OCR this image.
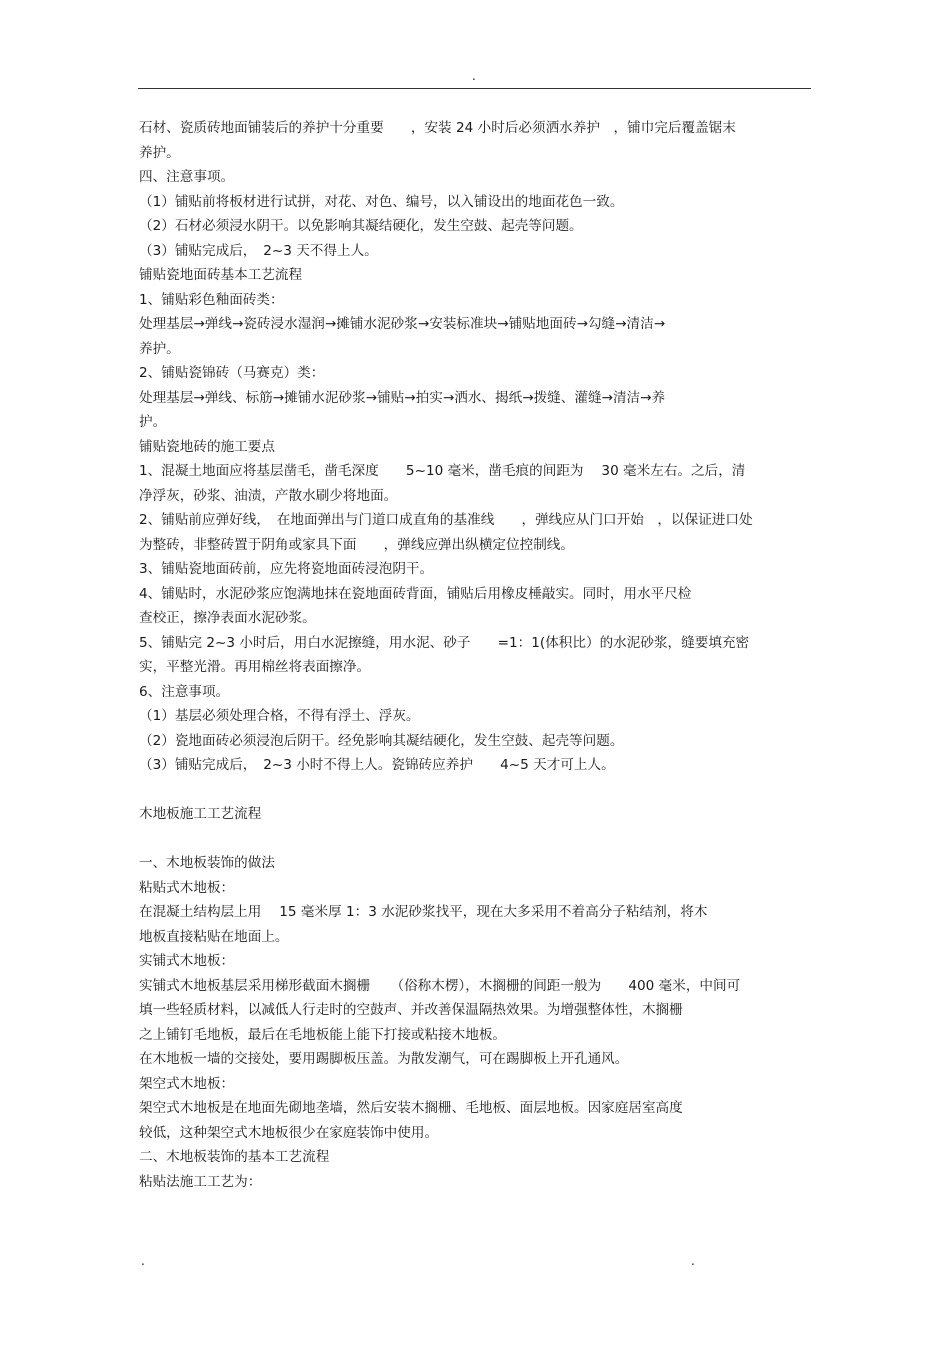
.
石材、瓷质砖地面铺装后的养护十分重要　　，安装 24 小时后必须洒水养护　，铺巾完后覆盖锯末
养护。
四、注意事项。
（1）铺贴前将板材进行试拼，对花、对色、编号，以入铺设出的地面花色一致。
（2）石材必须浸水阴干。以免影响其凝结硬化，发生空鼓、起壳等问题。
（3）铺贴完成后，　2~3 天不得上人。
铺贴瓷地面砖基本工艺流程
1、铺贴彩色釉面砖类：
处理基层→弹线→瓷砖浸水湿润→摊铺水泥砂浆→安装标准块→铺贴地面砖→勾缝→清洁→
养护。
2、铺贴瓷锦砖（马赛克）类：
处理基层→弹线、标筋→摊铺水泥砂浆→铺贴→拍实→洒水、揭纸→拨缝、灌缝→清洁→养
护。
铺贴瓷地砖的施工要点
1、混凝土地面应将基层凿毛，凿毛深度　　5~10 毫米，凿毛痕的间距为　 30 毫米左右。之后，清
净浮灰，砂浆、油渍，产散水刷少将地面。
2、铺贴前应弹好线，　在地面弹出与门道口成直角的基准线　　，弹线应从门口开始　，以保证进口处
为整砖，非整砖置于阴角或家具下面　　，弹线应弹出纵横定位控制线。
3、铺贴瓷地面砖前，应先将瓷地面砖浸泡阴干。
4、铺贴时，水泥砂浆应饱满地抹在瓷地面砖背面，铺贴后用橡皮棰敲实。同时，用水平尺检
查校正，擦净表面水泥砂浆。
5、铺贴完 2~3 小时后，用白水泥擦缝，用水泥、砂子　　=1：1(体积比）的水泥砂浆，缝要填充密
实，平整光滑。再用棉丝将表面擦净。
6、注意事项。
（1）基层必须处理合格，不得有浮土、浮灰。
（2）瓷地面砖必须浸泡后阴干。经免影响其凝结硬化，发生空鼓、起壳等问题。
（3）铺贴完成后，　2~3 小时不得上人。瓷锦砖应养护　　4~5 天才可上人。
木地板施工工艺流程
一、木地板装饰的做法
粘贴式木地板：
在混凝土结构层上用　 15 毫米厚 1：3 水泥砂浆找平，现在大多采用不着高分子粘结剂，将木
地板直接粘贴在地面上。
实铺式木地板：
实铺式木地板基层采用梯形截面木搁栅　　（俗称木楞），木搁栅的间距一般为　　400 毫米，中间可
填一些轻质材料，以减低人行走时的空鼓声、并改善保温隔热效果。为增强整体性，木搁栅
之上铺钉毛地板，最后在毛地板能上能下打接或粘接木地板。
在木地板一墙的交接处，要用踢脚板压盖。为散发潮气，可在踢脚板上开孔通风。
架空式木地板：
架空式木地板是在地面先砌地垄墙，然后安装木搁栅、毛地板、面层地板。因家庭居室高度
较低，这种架空式木地板很少在家庭装饰中使用。
二、木地板装饰的基本工艺流程
粘贴法施工工艺为：
.	.
